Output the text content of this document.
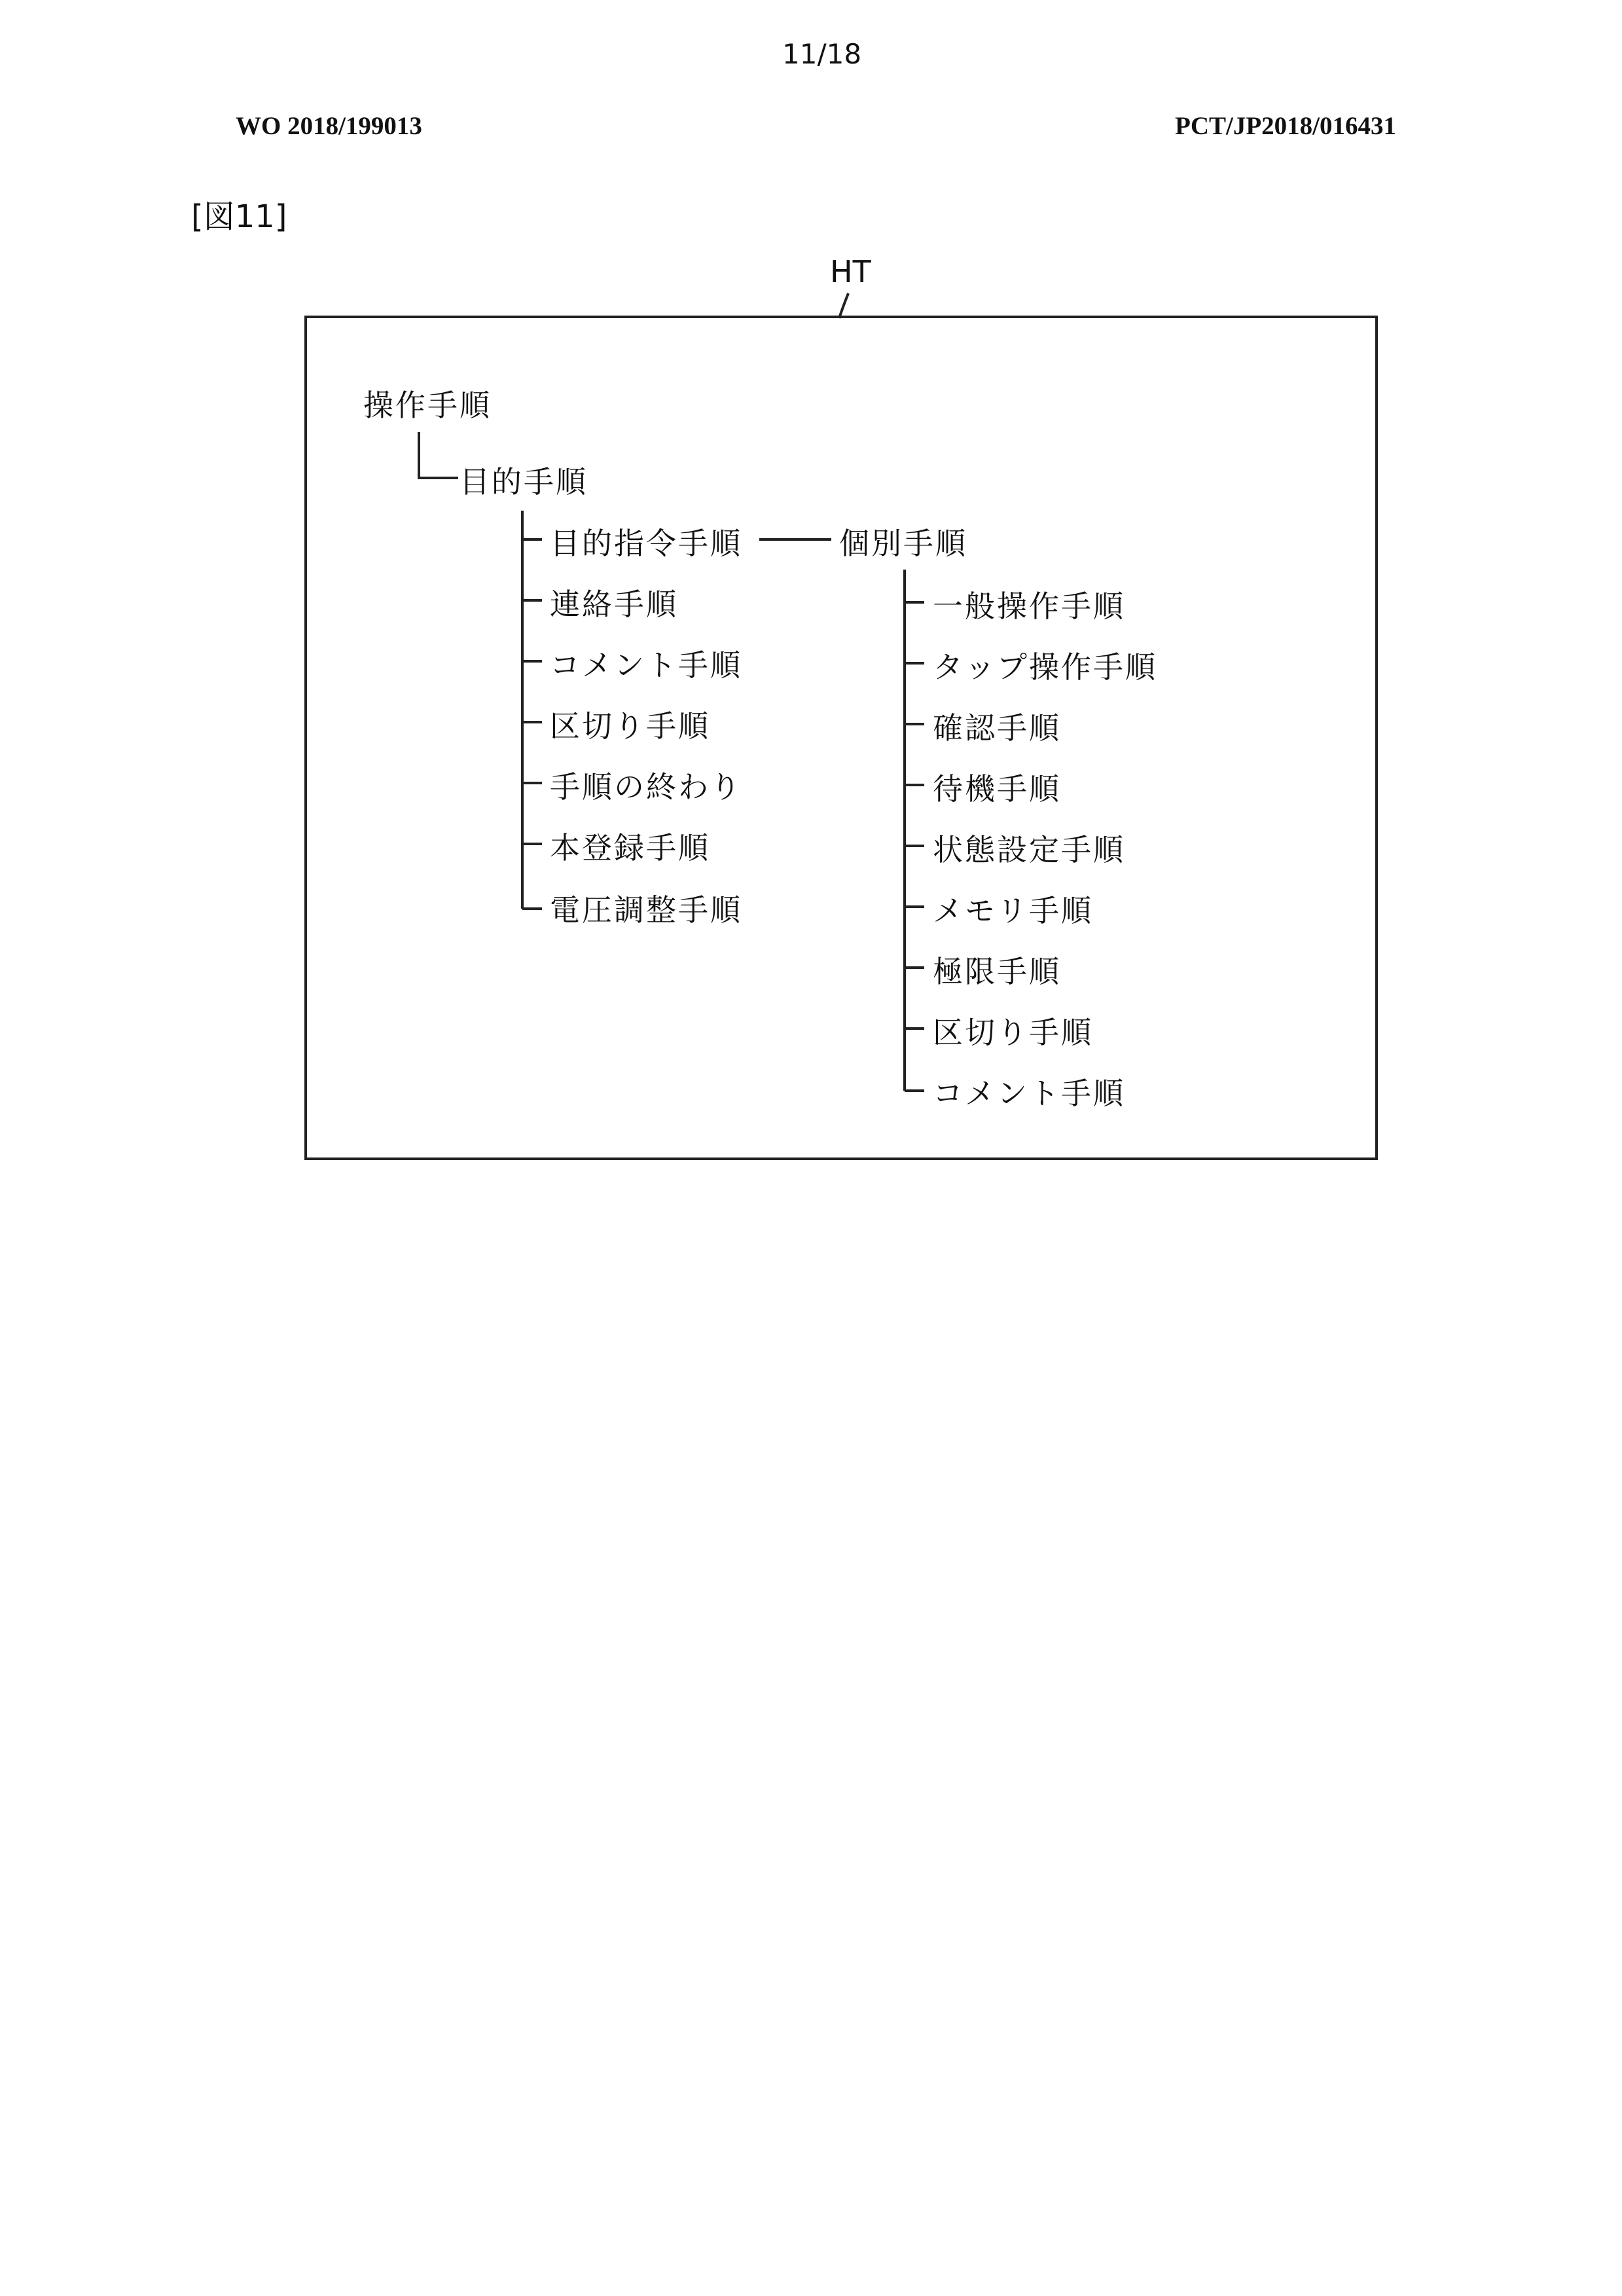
11/18
WO 2018/199013	PCT/JP2018/016431
[図11]
HT
操作手順
目的手順
目的指令手順
連絡手順
コメント手順
区切り手順
手順の終わり
本登録手順
電圧調整手順
個別手順
一般操作手順
タップ操作手順
確認手順
待機手順
状態設定手順
メモリ手順
極限手順
区切り手順
コメント手順
